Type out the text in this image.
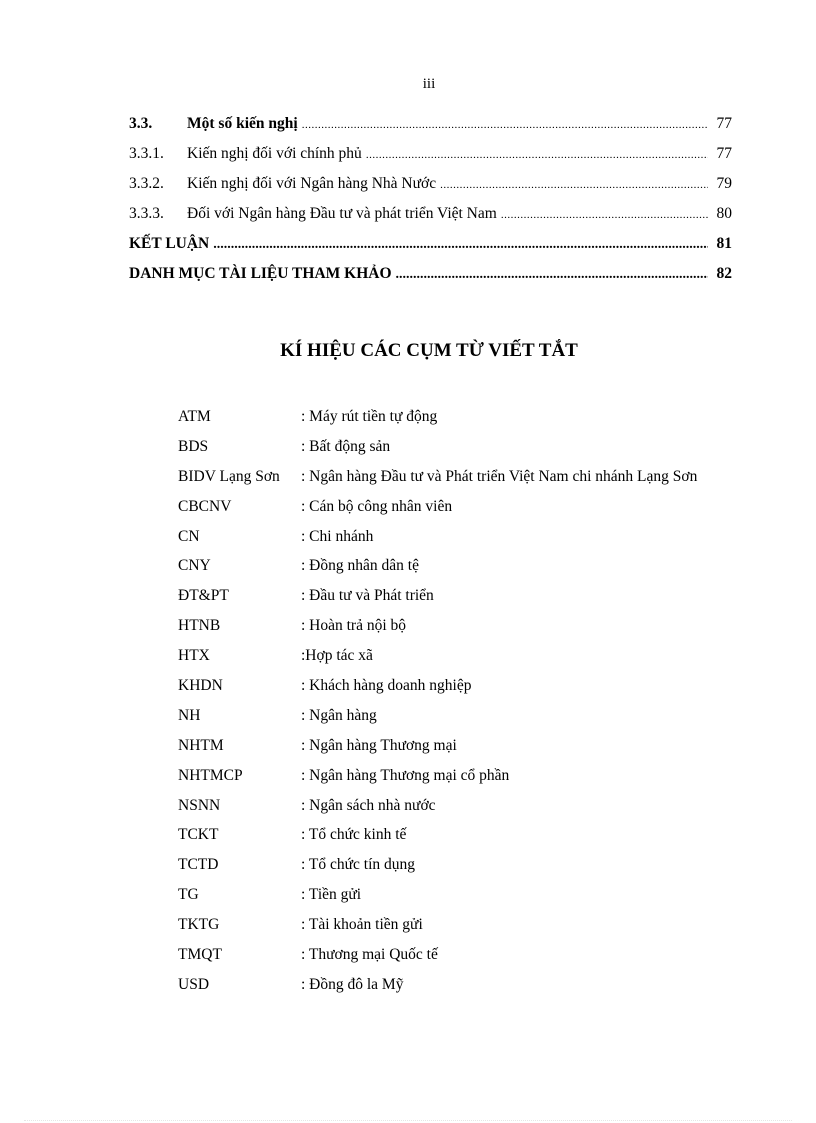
iii
3.3.	Một số kiến nghị .....	77
3.3.1.	Kiến nghị đối với chính phủ .....	77
3.3.2.	Kiến nghị đối với Ngân hàng Nhà Nước .....	79
3.3.3.	Đối với Ngân hàng Đầu tư và phát triển Việt Nam .....	80
KẾT LUẬN .....	81
DANH MỤC TÀI LIỆU THAM KHẢO .....	82
KÍ HIỆU CÁC CỤM TỪ VIẾT TẮT
ATM	: Máy rút tiền tự động
BDS	: Bất động sản
BIDV Lạng Sơn	: Ngân hàng Đầu tư và Phát triển Việt Nam chi nhánh Lạng Sơn
CBCNV	: Cán bộ công nhân viên
CN	: Chi nhánh
CNY	: Đồng nhân dân tệ
ĐT&PT	: Đầu tư và Phát triển
HTNB	: Hoàn trả nội bộ
HTX	:Hợp tác xã
KHDN	: Khách hàng doanh nghiệp
NH	: Ngân hàng
NHTM	: Ngân hàng Thương mại
NHTMCP	: Ngân hàng Thương mại cổ phần
NSNN	: Ngân sách nhà nước
TCKT	: Tổ chức kinh tế
TCTD	: Tổ chức tín dụng
TG	: Tiền gửi
TKTG	: Tài khoản tiền gửi
TMQT	: Thương mại Quốc tế
USD	: Đồng đô la Mỹ
